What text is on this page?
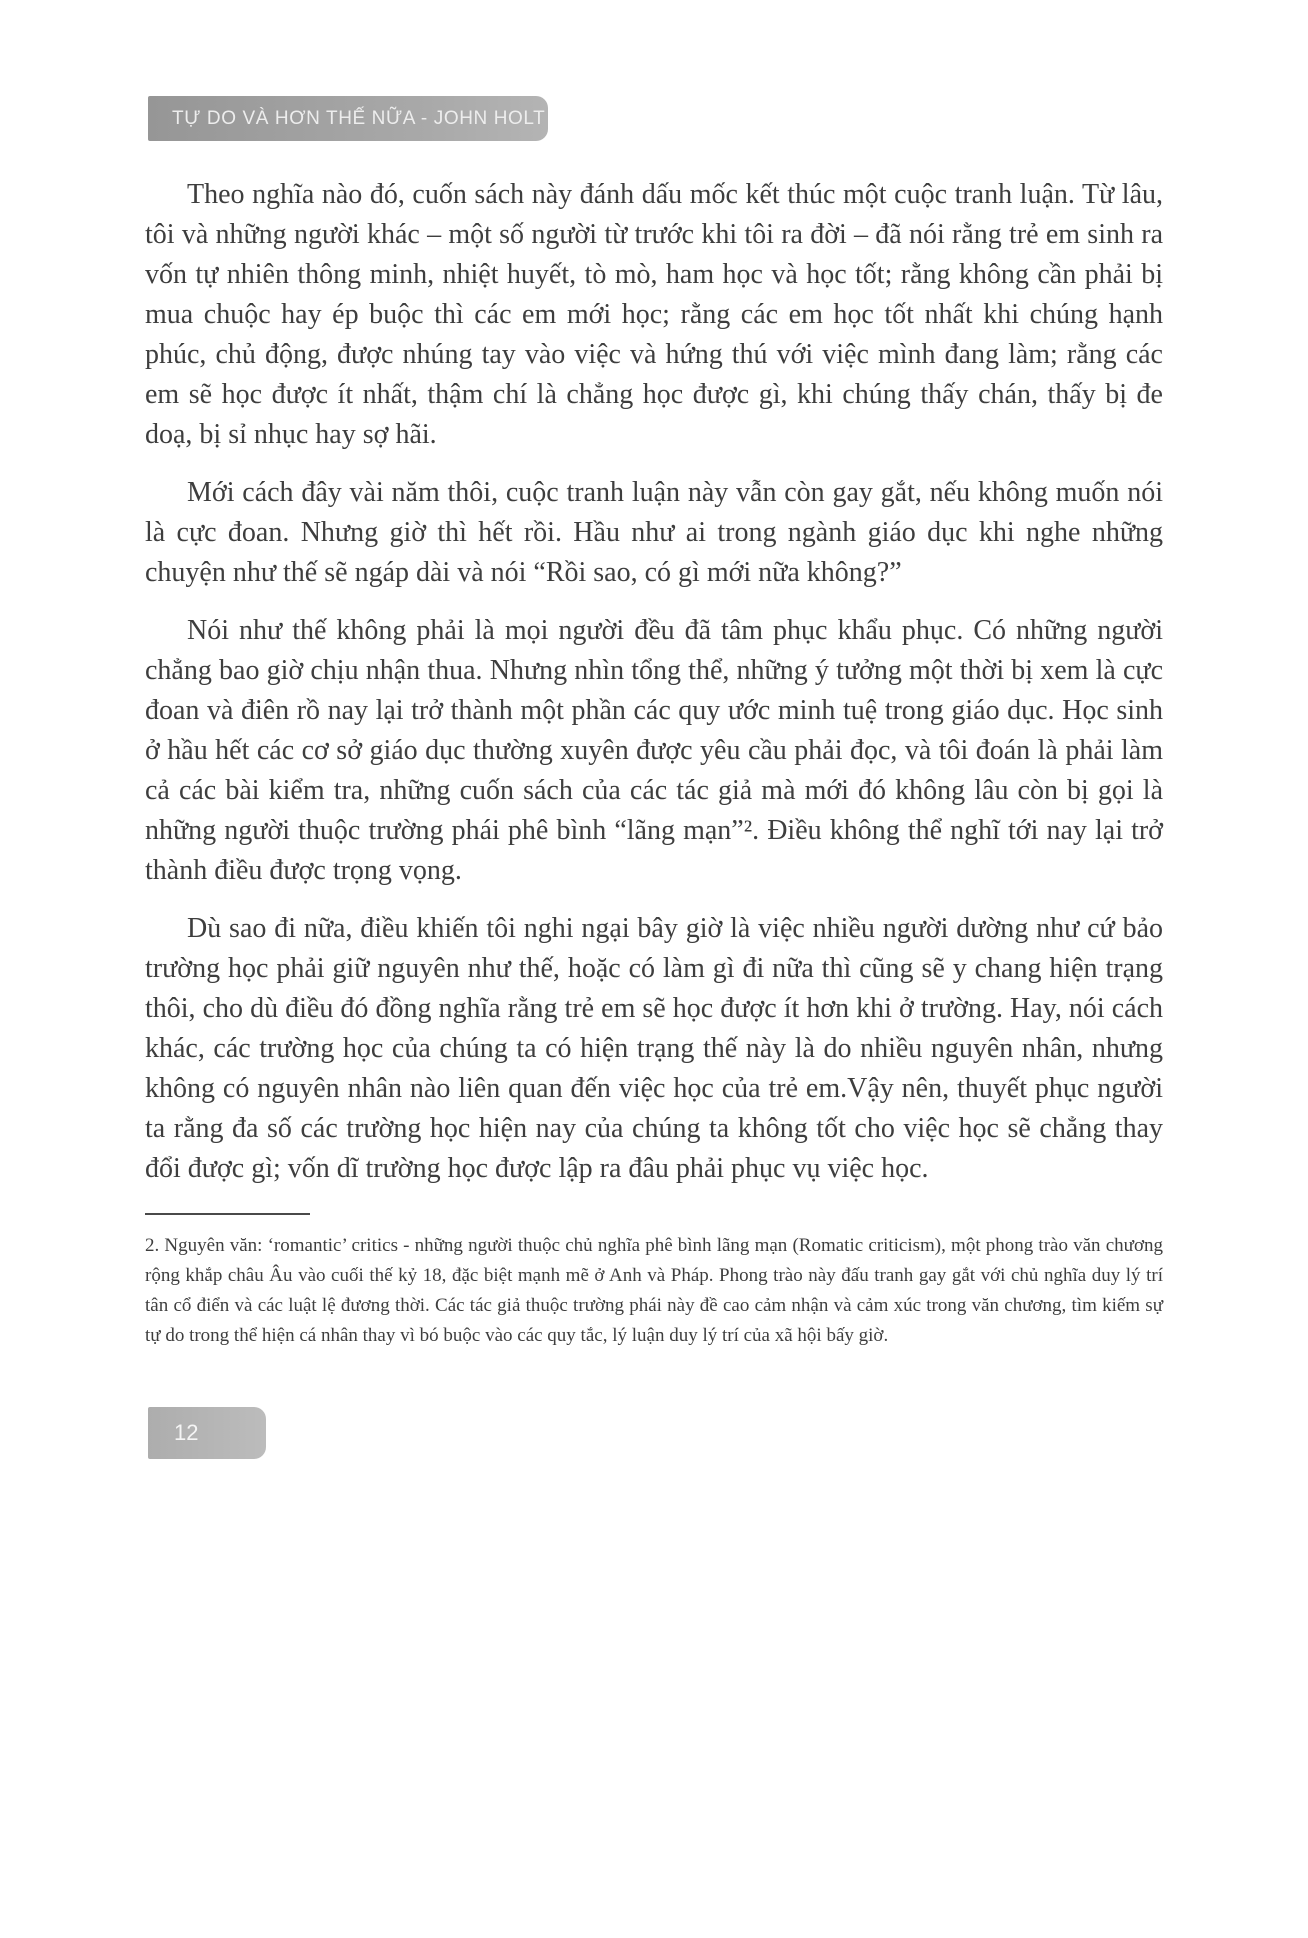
TỰ DO VÀ HƠN THẾ NỮA - JOHN HOLT

Theo nghĩa nào đó, cuốn sách này đánh dấu mốc kết thúc một cuộc tranh luận. Từ lâu, tôi và những người khác – một số người từ trước khi tôi ra đời – đã nói rằng trẻ em sinh ra vốn tự nhiên thông minh, nhiệt huyết, tò mò, ham học và học tốt; rằng không cần phải bị mua chuộc hay ép buộc thì các em mới học; rằng các em học tốt nhất khi chúng hạnh phúc, chủ động, được nhúng tay vào việc và hứng thú với việc mình đang làm; rằng các em sẽ học được ít nhất, thậm chí là chẳng học được gì, khi chúng thấy chán, thấy bị đe doạ, bị sỉ nhục hay sợ hãi.

Mới cách đây vài năm thôi, cuộc tranh luận này vẫn còn gay gắt, nếu không muốn nói là cực đoan. Nhưng giờ thì hết rồi. Hầu như ai trong ngành giáo dục khi nghe những chuyện như thế sẽ ngáp dài và nói “Rồi sao, có gì mới nữa không?”

Nói như thế không phải là mọi người đều đã tâm phục khẩu phục. Có những người chẳng bao giờ chịu nhận thua. Nhưng nhìn tổng thể, những ý tưởng một thời bị xem là cực đoan và điên rồ nay lại trở thành một phần các quy ước minh tuệ trong giáo dục. Học sinh ở hầu hết các cơ sở giáo dục thường xuyên được yêu cầu phải đọc, và tôi đoán là phải làm cả các bài kiểm tra, những cuốn sách của các tác giả mà mới đó không lâu còn bị gọi là những người thuộc trường phái phê bình “lãng mạn”². Điều không thể nghĩ tới nay lại trở thành điều được trọng vọng.

Dù sao đi nữa, điều khiến tôi nghi ngại bây giờ là việc nhiều người dường như cứ bảo trường học phải giữ nguyên như thế, hoặc có làm gì đi nữa thì cũng sẽ y chang hiện trạng thôi, cho dù điều đó đồng nghĩa rằng trẻ em sẽ học được ít hơn khi ở trường. Hay, nói cách khác, các trường học của chúng ta có hiện trạng thế này là do nhiều nguyên nhân, nhưng không có nguyên nhân nào liên quan đến việc học của trẻ em.Vậy nên, thuyết phục người ta rằng đa số các trường học hiện nay của chúng ta không tốt cho việc học sẽ chẳng thay đổi được gì; vốn dĩ trường học được lập ra đâu phải phục vụ việc học.

2. Nguyên văn: ‘romantic’ critics - những người thuộc chủ nghĩa phê bình lãng mạn (Romatic criticism), một phong trào văn chương rộng khắp châu Âu vào cuối thế kỷ 18, đặc biệt mạnh mẽ ở Anh và Pháp. Phong trào này đấu tranh gay gắt với chủ nghĩa duy lý trí tân cổ điển và các luật lệ đương thời. Các tác giả thuộc trường phái này đề cao cảm nhận và cảm xúc trong văn chương, tìm kiếm sự tự do trong thể hiện cá nhân thay vì bó buộc vào các quy tắc, lý luận duy lý trí của xã hội bấy giờ.
12
